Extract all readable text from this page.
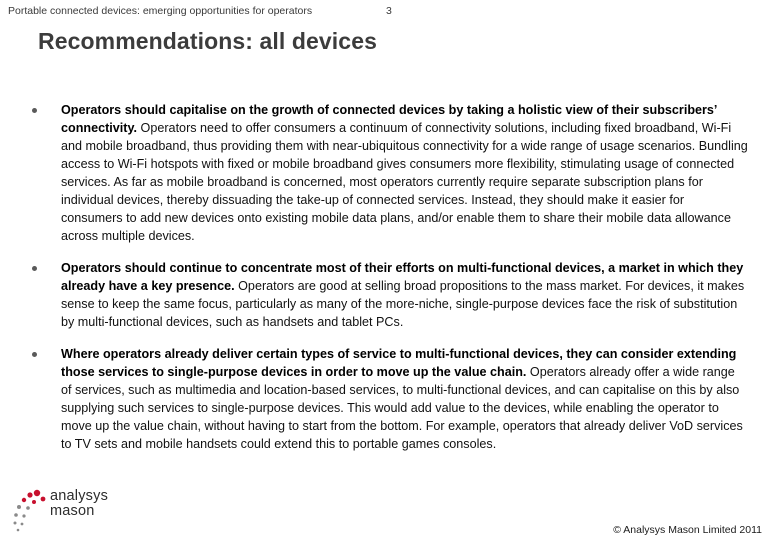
Portable connected devices: emerging opportunities for operators	3
Recommendations: all devices
Operators should capitalise on the growth of connected devices by taking a holistic view of their subscribers’ connectivity. Operators need to offer consumers a continuum of connectivity solutions, including fixed broadband, Wi-Fi and mobile broadband, thus providing them with near-ubiquitous connectivity for a wide range of usage scenarios. Bundling access to Wi-Fi hotspots with fixed or mobile broadband gives consumers more flexibility, stimulating usage of connected services. As far as mobile broadband is concerned, most operators currently require separate subscription plans for individual devices, thereby dissuading the take-up of connected services. Instead, they should make it easier for consumers to add new devices onto existing mobile data plans, and/or enable them to share their mobile data allowance across multiple devices.
Operators should continue to concentrate most of their efforts on multi-functional devices, a market in which they already have a key presence. Operators are good at selling broad propositions to the mass market. For devices, it makes sense to keep the same focus, particularly as many of the more-niche, single-purpose devices face the risk of substitution by multi-functional devices, such as handsets and tablet PCs.
Where operators already deliver certain types of service to multi-functional devices, they can consider extending those services to single-purpose devices in order to move up the value chain. Operators already offer a wide range of services, such as multimedia and location-based services, to multi-functional devices, and can capitalise on this by also supplying such services to single-purpose devices. This would add value to the devices, while enabling the operator to move up the value chain, without having to start from the bottom. For example, operators that already deliver VoD services to TV sets and mobile handsets could extend this to portable games consoles.
analysys
mason
© Analysys Mason Limited 2011
